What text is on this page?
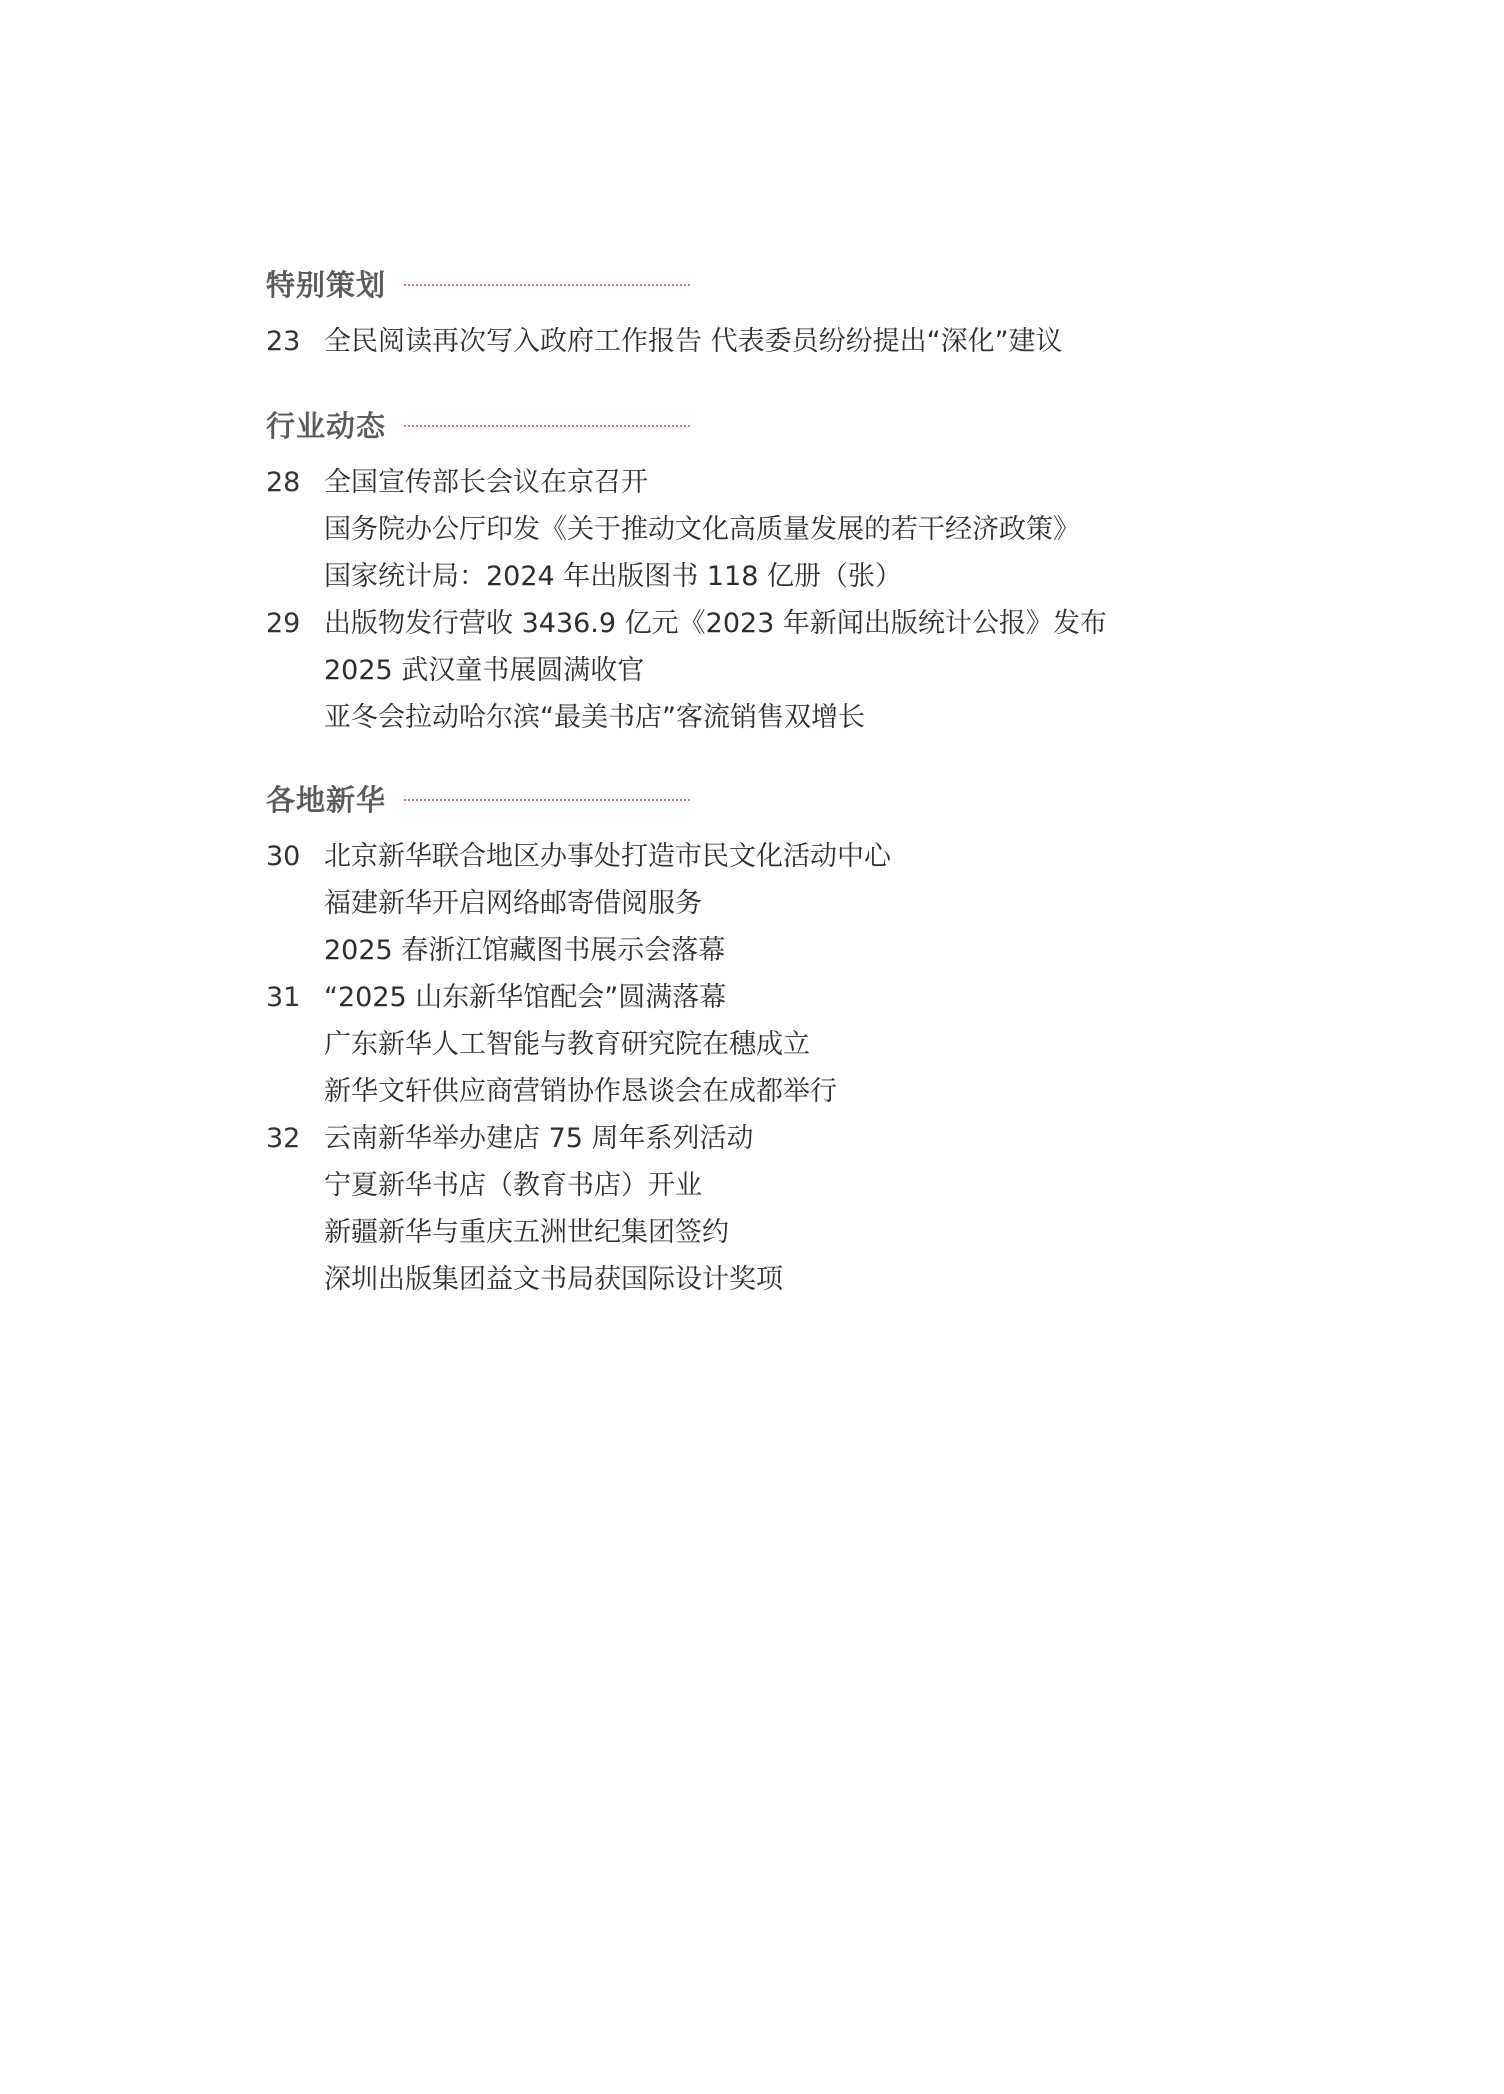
特别策划
23 全民阅读再次写入政府工作报告 代表委员纷纷提出“深化”建议
行业动态
28 全国宣传部长会议在京召开
国务院办公厅印发《关于推动文化高质量发展的若干经济政策》
国家统计局：2024 年出版图书 118 亿册（张）
29 出版物发行营收 3436.9 亿元《2023 年新闻出版统计公报》发布
2025 武汉童书展圆满收官
亚冬会拉动哈尔滨“最美书店”客流销售双增长
各地新华
30 北京新华联合地区办事处打造市民文化活动中心
福建新华开启网络邮寄借阅服务
2025 春浙江馆藏图书展示会落幕
31 “2025 山东新华馆配会”圆满落幕
广东新华人工智能与教育研究院在穗成立
新华文轩供应商营销协作恳谈会在成都举行
32 云南新华举办建店 75 周年系列活动
宁夏新华书店（教育书店）开业
新疆新华与重庆五洲世纪集团签约
深圳出版集团益文书局获国际设计奖项
